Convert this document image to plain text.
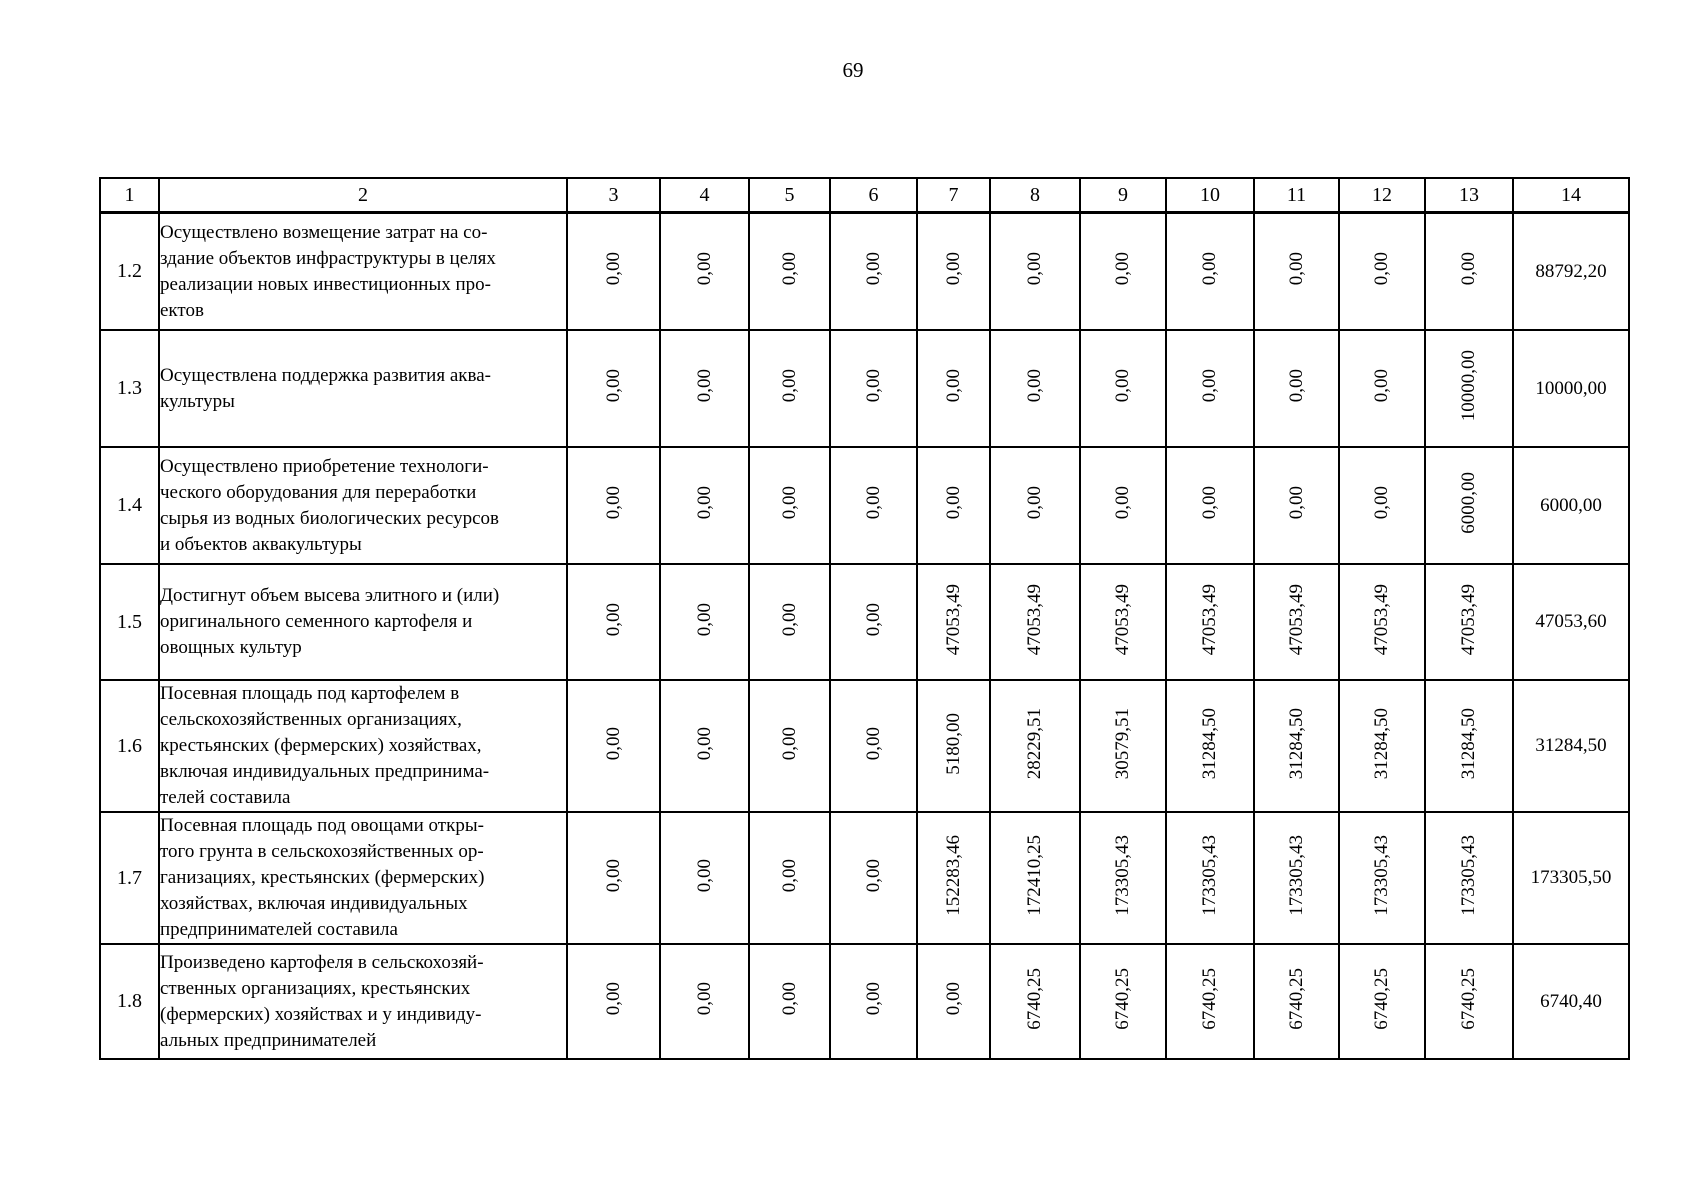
69
1	2	3	4	5	6	7	8	9	10	11	12	13	14
1.2	Осуществлено возмещение затрат на со-
здание объектов инфраструктуры в целях
реализации новых инвестиционных про-
ектов	0,00	0,00	0,00	0,00	0,00	0,00	0,00	0,00	0,00	0,00	0,00	88792,20
1.3	Осуществлена поддержка развития аква-
культуры	0,00	0,00	0,00	0,00	0,00	0,00	0,00	0,00	0,00	0,00	10000,00	10000,00
1.4	Осуществлено приобретение технологи-
ческого оборудования для переработки
сырья из водных биологических ресурсов
и объектов аквакультуры	0,00	0,00	0,00	0,00	0,00	0,00	0,00	0,00	0,00	0,00	6000,00	6000,00
1.5	Достигнут объем высева элитного и (или)
оригинального семенного картофеля и
овощных культур	0,00	0,00	0,00	0,00	47053,49	47053,49	47053,49	47053,49	47053,49	47053,49	47053,49	47053,60
1.6	Посевная площадь под картофелем в
сельскохозяйственных организациях,
крестьянских (фермерских) хозяйствах,
включая индивидуальных предпринима-
телей составила	0,00	0,00	0,00	0,00	5180,00	28229,51	30579,51	31284,50	31284,50	31284,50	31284,50	31284,50
1.7	Посевная площадь под овощами откры-
того грунта в сельскохозяйственных ор-
ганизациях, крестьянских (фермерских)
хозяйствах, включая индивидуальных
предпринимателей составила	0,00	0,00	0,00	0,00	152283,46	172410,25	173305,43	173305,43	173305,43	173305,43	173305,43	173305,50
1.8	Произведено картофеля в сельскохозяй-
ственных организациях, крестьянских
(фермерских) хозяйствах и у индивиду-
альных предпринимателей	0,00	0,00	0,00	0,00	0,00	6740,25	6740,25	6740,25	6740,25	6740,25	6740,25	6740,40
